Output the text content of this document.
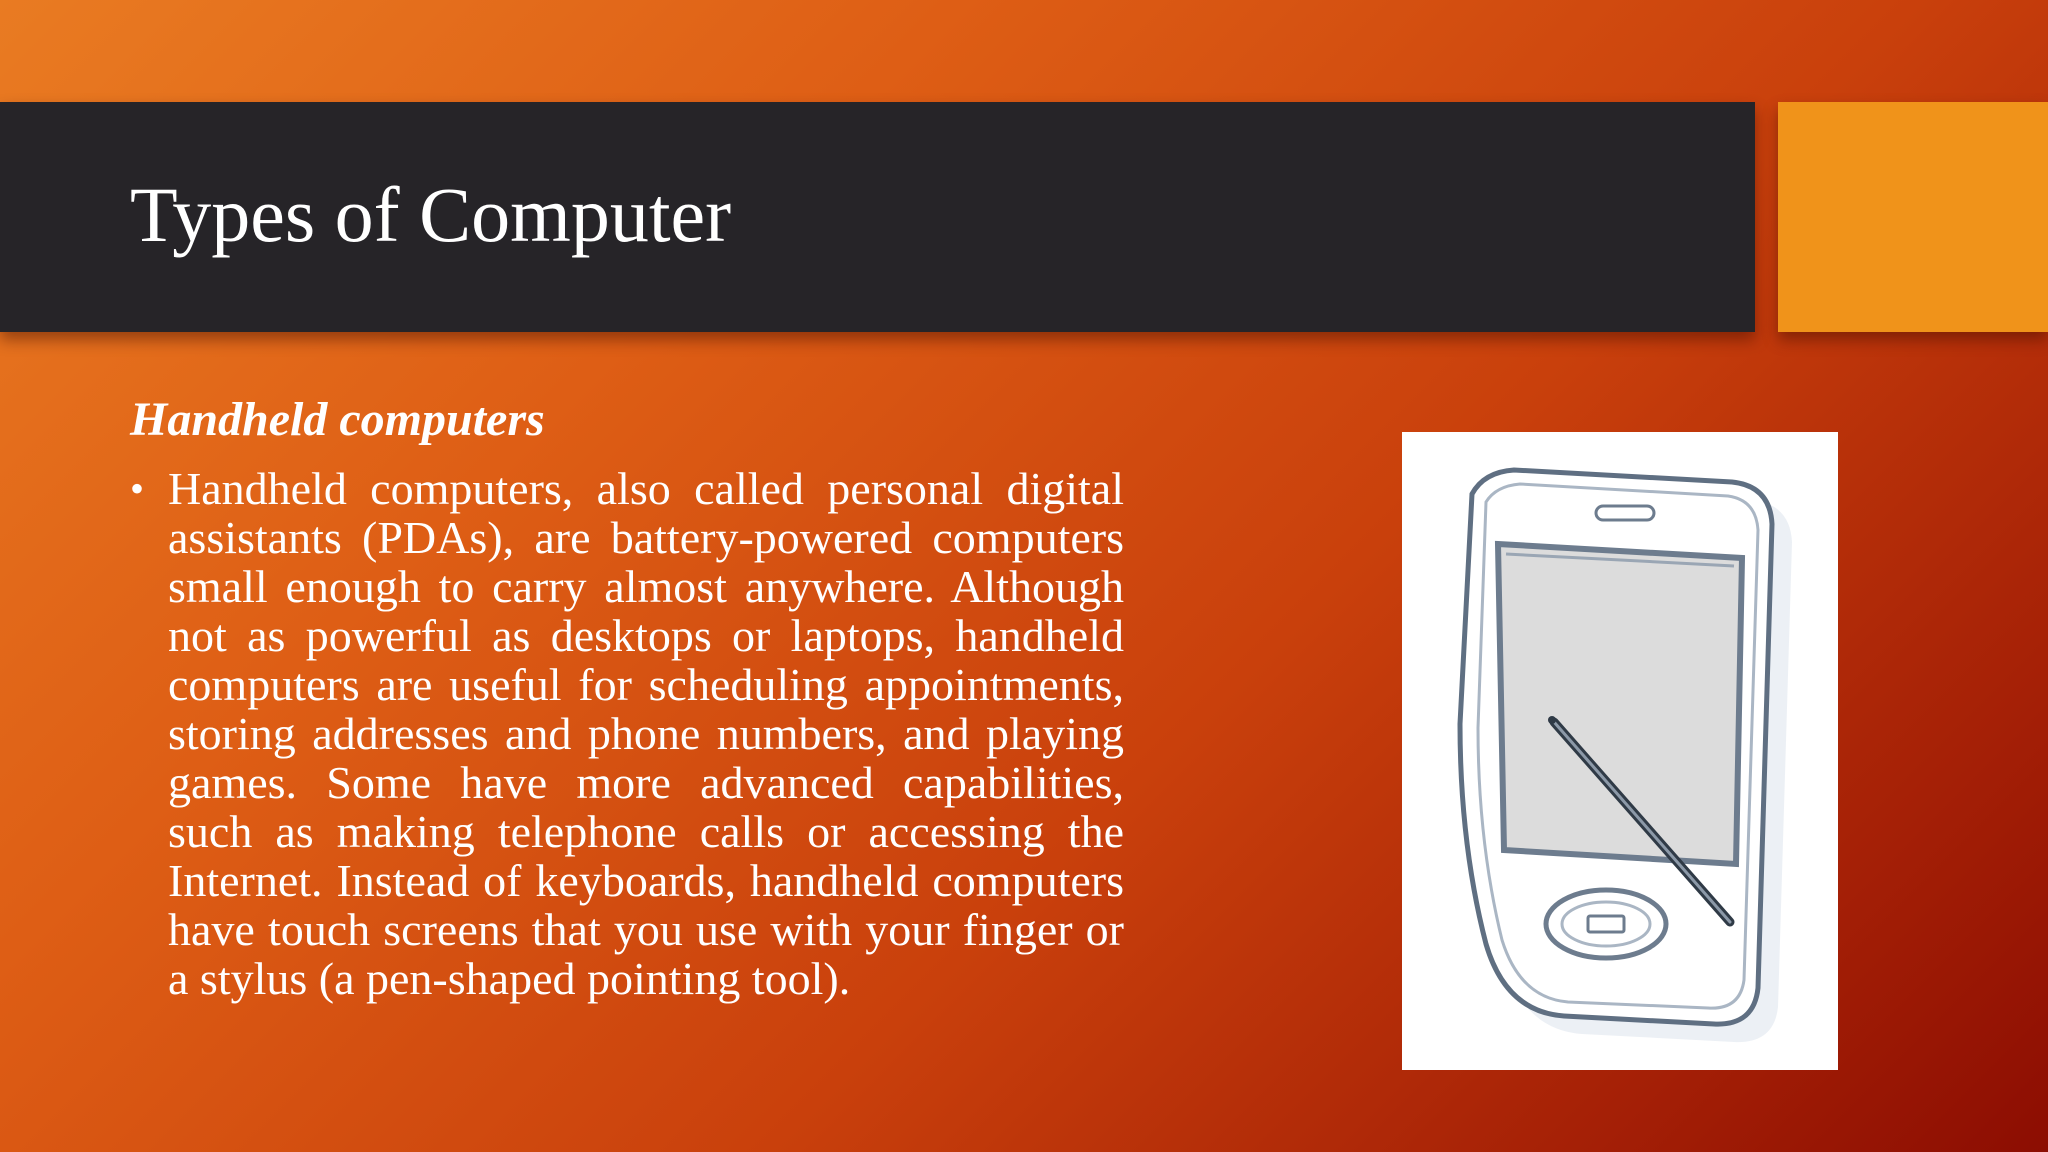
Types of Computer
Handheld computers
• Handheld computers, also called personal digital assistants (PDAs), are battery-powered computers small enough to carry almost anywhere. Although not as powerful as desktops or laptops, handheld computers are useful for scheduling appointments, storing addresses and phone numbers, and playing games. Some have more advanced capabilities, such as making telephone calls or accessing the Internet. Instead of keyboards, handheld computers have touch screens that you use with your finger or a stylus (a pen-shaped pointing tool).
